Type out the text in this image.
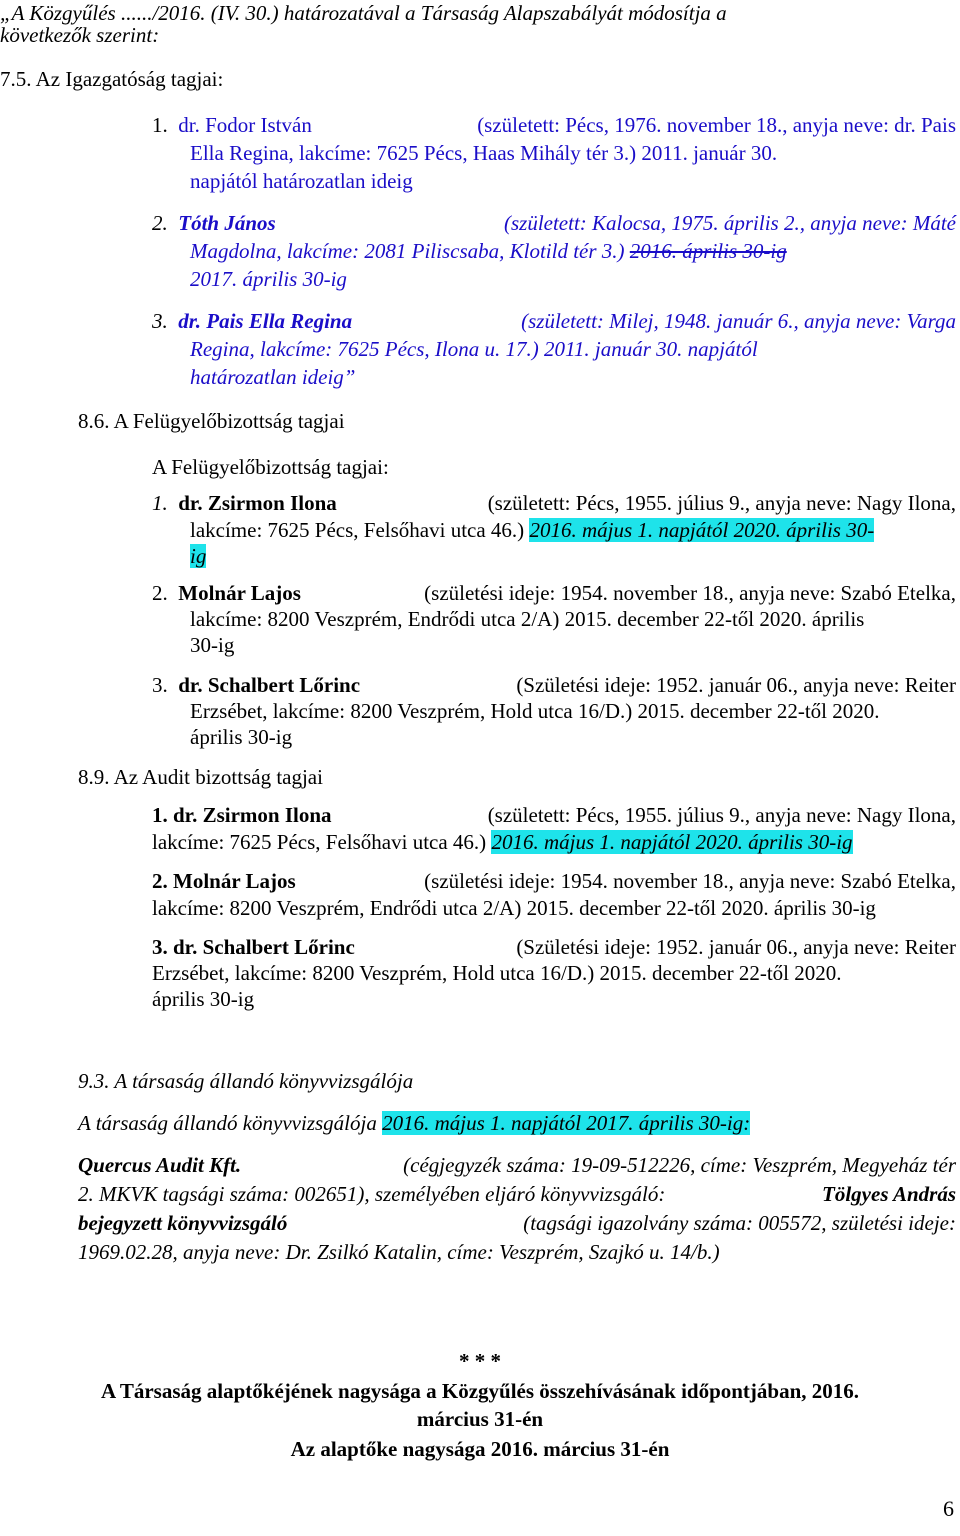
„A Közgyűlés ....../2016. (IV. 30.) határozatával a Társaság Alapszabályát módosítja a
következők szerint:
7.5. Az Igazgatóság tagjai:
1. dr. Fodor István	(született: Pécs, 1976. november 18., anyja neve: dr. Pais
Ella Regina, lakcíme: 7625 Pécs, Haas Mihály tér 3.) 2011. január 30.
napjától határozatlan ideig
2. Tóth János	(született: Kalocsa, 1975. április 2., anyja neve: Máté
Magdolna, lakcíme: 2081 Piliscsaba, Klotild tér 3.) 2016. április 30-ig
2017. április 30-ig
3. dr. Pais Ella Regina	(született: Milej, 1948. január 6., anyja neve: Varga
Regina, lakcíme: 7625 Pécs, Ilona u. 17.) 2011. január 30. napjától
határozatlan ideig”
8.6. A Felügyelőbizottság tagjai
A Felügyelőbizottság tagjai:
1. dr. Zsirmon Ilona	(született: Pécs, 1955. július 9., anyja neve: Nagy Ilona,
lakcíme: 7625 Pécs, Felsőhavi utca 46.) 2016. május 1. napjától 2020. április 30-
ig
2. Molnár Lajos	(születési ideje: 1954. november 18., anyja neve: Szabó Etelka,
lakcíme: 8200 Veszprém, Endrődi utca 2/A) 2015. december 22-től 2020. április
30-ig
3. dr. Schalbert Lőrinc	(Születési ideje: 1952. január 06., anyja neve: Reiter
Erzsébet, lakcíme: 8200 Veszprém, Hold utca 16/D.) 2015. december 22-től 2020.
április 30-ig
8.9. Az Audit bizottság tagjai
1. dr. Zsirmon Ilona	(született: Pécs, 1955. július 9., anyja neve: Nagy Ilona,
lakcíme: 7625 Pécs, Felsőhavi utca 46.) 2016. május 1. napjától 2020. április 30-ig
2. Molnár Lajos	(születési ideje: 1954. november 18., anyja neve: Szabó Etelka,
lakcíme: 8200 Veszprém, Endrődi utca 2/A) 2015. december 22-től 2020. április 30-ig
3. dr. Schalbert Lőrinc	(Születési ideje: 1952. január 06., anyja neve: Reiter
Erzsébet, lakcíme: 8200 Veszprém, Hold utca 16/D.) 2015. december 22-től 2020.
április 30-ig
9.3. A társaság állandó könyvvizsgálója
A társaság állandó könyvvizsgálója 2016. május 1. napjától 2017. április 30-ig:
Quercus Audit Kft.	(cégjegyzék száma: 19-09-512226, címe: Veszprém, Megyeház tér
2. MKVK tagsági száma: 002651), személyében eljáró könyvvizsgáló:	Tölgyes András
bejegyzett könyvvizsgáló	(tagsági igazolvány száma: 005572, születési ideje:
1969.02.28, anyja neve: Dr. Zsilkó Katalin, címe: Veszprém, Szajkó u. 14/b.)
* * *
A Társaság alaptőkéjének nagysága a Közgyűlés összehívásának időpontjában, 2016.
március 31-én
Az alaptőke nagysága 2016. március 31-én
6
